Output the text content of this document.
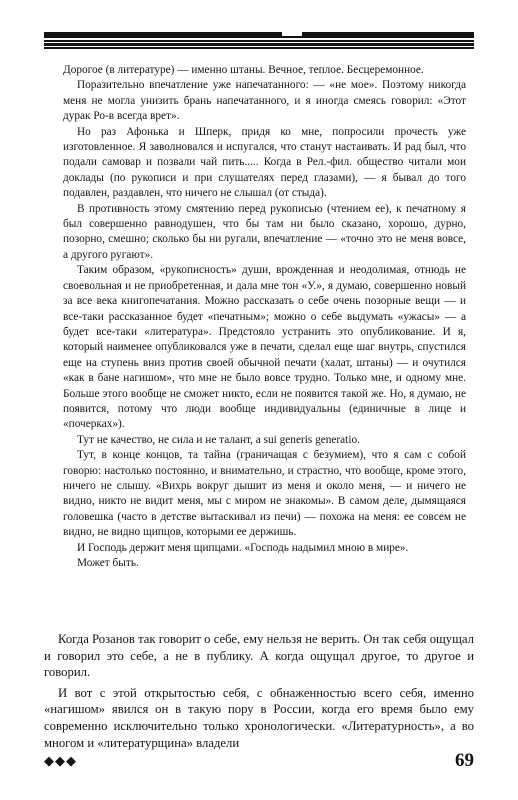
Дорогое (в литературе) — именно штаны. Вечное, теплое. Бесцеремонное.

Поразительно впечатление уже напечатанного: — «не мое». Поэтому никогда меня не могла унизить брань напечатанного, и я иногда смеясь говорил: «Этот дурак Ро-в всегда врет».

Но раз Афонька и Шперк, придя ко мне, попросили прочесть уже изготовленное. Я заволновался и испугался, что станут настаивать. И рад был, что подали самовар и позвали чай пить..... Когда в Рел.-фил. общество читали мои доклады (по рукописи и при слушателях перед глазами), — я бывал до того подавлен, раздавлен, что ничего не слышал (от стыда).

В противность этому смятению перед рукописью (чтением ее), к печатному я был совершенно равнодушен, что бы там ни было сказано, хорошо, дурно, позорно, смешно; сколько бы ни ругали, впечатление — «точно это не меня вовсе, а другого ругают».

Таким образом, «рукописность» души, врожденная и неодолимая, отнюдь не своевольная и не приобретенная, и дала мне тон «У.», я думаю, совершенно новый за все века книгопечатания. Можно рассказать о себе очень позорные вещи — и все-таки рассказанное будет «печатным»; можно о себе выдумать «ужасы» — а будет все-таки «литература». Предстояло устранить это опубликование. И я, который наименее опубликовался уже в печати, сделал еще шаг внутрь, спустился еще на ступень вниз против своей обычной печати (халат, штаны) — и очутился «как в бане нагишом», что мне не было вовсе трудно. Только мне, и одному мне. Больше этого вообще не сможет никто, если не появится такой же. Но, я думаю, не появится, потому что люди вообще индивидуальны (единичные в лице и «почерках»).

Тут не качество, не сила и не талант, a sui generis generatio.

Тут, в конце концов, та тайна (граничащая с безумием), что я сам с собой говорю: настолько постоянно, и внимательно, и страстно, что вообще, кроме этого, ничего не слышу. «Вихрь вокруг дышит из меня и около меня, — и ничего не видно, никто не видит меня, мы с миром не знакомы». В самом деле, дымящаяся головешка (часто в детстве вытаскивал из печи) — похожа на меня: ее совсем не видно, не видно щипцов, которыми ее держишь.

И Господь держит меня щипцами. «Господь надымил мною в мире».

Может быть.

Когда Розанов так говорит о себе, ему нельзя не верить. Он так себя ощущал и говорил это себе, а не в публику. А когда ощущал другое, то другое и говорил.

И вот с этой открытостью себя, с обнаженностью всего себя, именно «нагишом» явился он в такую пору в России, когда его время было ему современно исключительно только хронологически. «Литературность», а во многом и «литературщина» владели

◆◆◆	69
